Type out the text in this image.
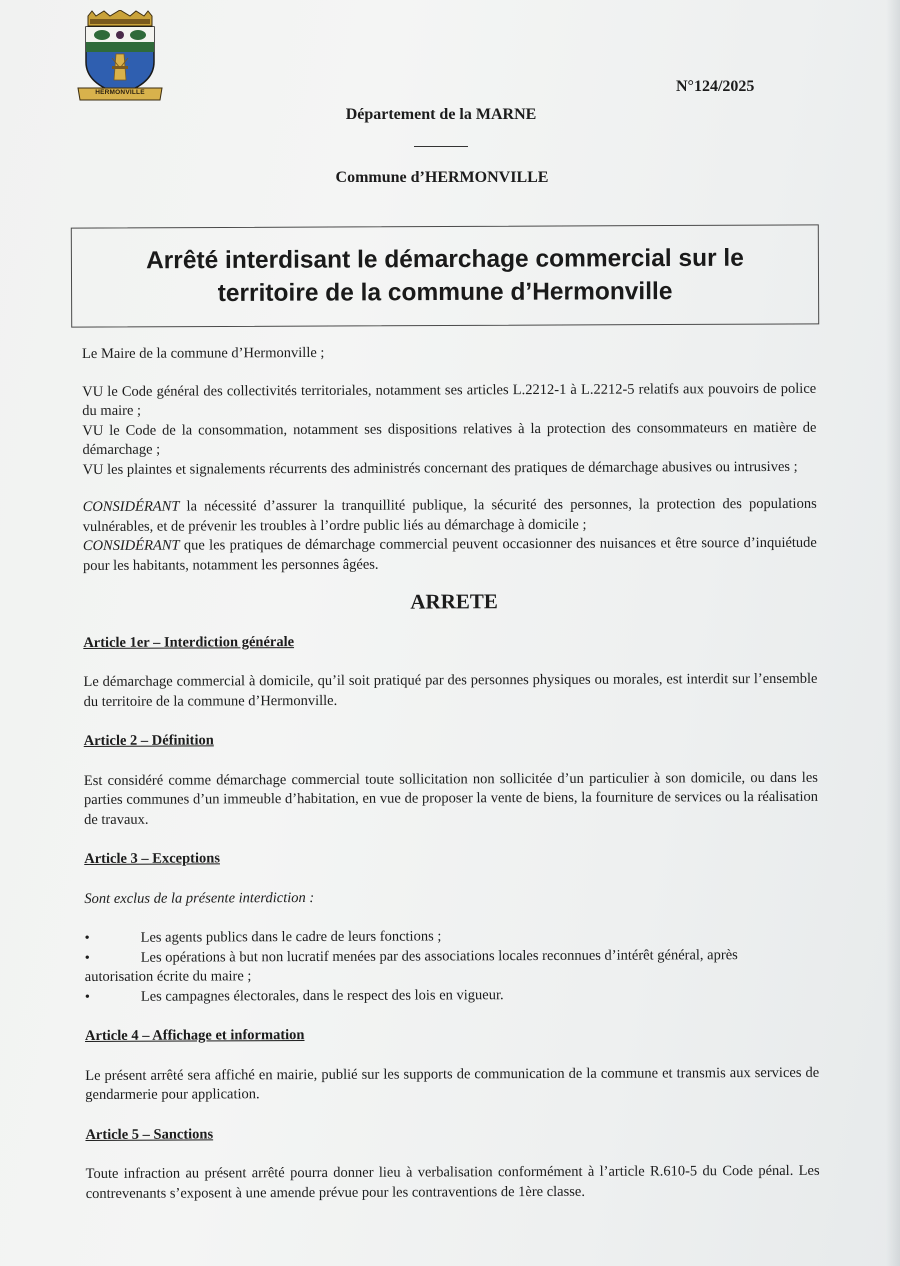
HERMONVILLE	N°124/2025
Département de la MARNE
Commune d’HERMONVILLE
Arrêté interdisant le démarchage commercial sur le
territoire de la commune d’Hermonville

Le Maire de la commune d’Hermonville ;

VU le Code général des collectivités territoriales, notamment ses articles L.2212-1 à L.2212-5 relatifs aux pouvoirs de police du maire ;

VU le Code de la consommation, notamment ses dispositions relatives à la protection des consommateurs en matière de démarchage ;

VU les plaintes et signalements récurrents des administrés concernant des pratiques de démarchage abusives ou intrusives ;

CONSIDÉRANT la nécessité d’assurer la tranquillité publique, la sécurité des personnes, la protection des populations vulnérables, et de prévenir les troubles à l’ordre public liés au démarchage à domicile ;

CONSIDÉRANT que les pratiques de démarchage commercial peuvent occasionner des nuisances et être source d’inquiétude pour les habitants, notamment les personnes âgées.

ARRETE

Article 1er – Interdiction générale

Le démarchage commercial à domicile, qu’il soit pratiqué par des personnes physiques ou morales, est interdit sur l’ensemble du territoire de la commune d’Hermonville.

Article 2 – Définition

Est considéré comme démarchage commercial toute sollicitation non sollicitée d’un particulier à son domicile, ou dans les parties communes d’un immeuble d’habitation, en vue de proposer la vente de biens, la fourniture de services ou la réalisation de travaux.

Article 3 – Exceptions

Sont exclus de la présente interdiction :

•	Les agents publics dans le cadre de leurs fonctions ;
•	Les opérations à but non lucratif menées par des associations locales reconnues d’intérêt général, après

autorisation écrite du maire ;

•	Les campagnes électorales, dans le respect des lois en vigueur.

Article 4 – Affichage et information

Le présent arrêté sera affiché en mairie, publié sur les supports de communication de la commune et transmis aux services de gendarmerie pour application.

Article 5 – Sanctions

Toute infraction au présent arrêté pourra donner lieu à verbalisation conformément à l’article R.610-5 du Code pénal. Les contrevenants s’exposent à une amende prévue pour les contraventions de 1ère classe.
